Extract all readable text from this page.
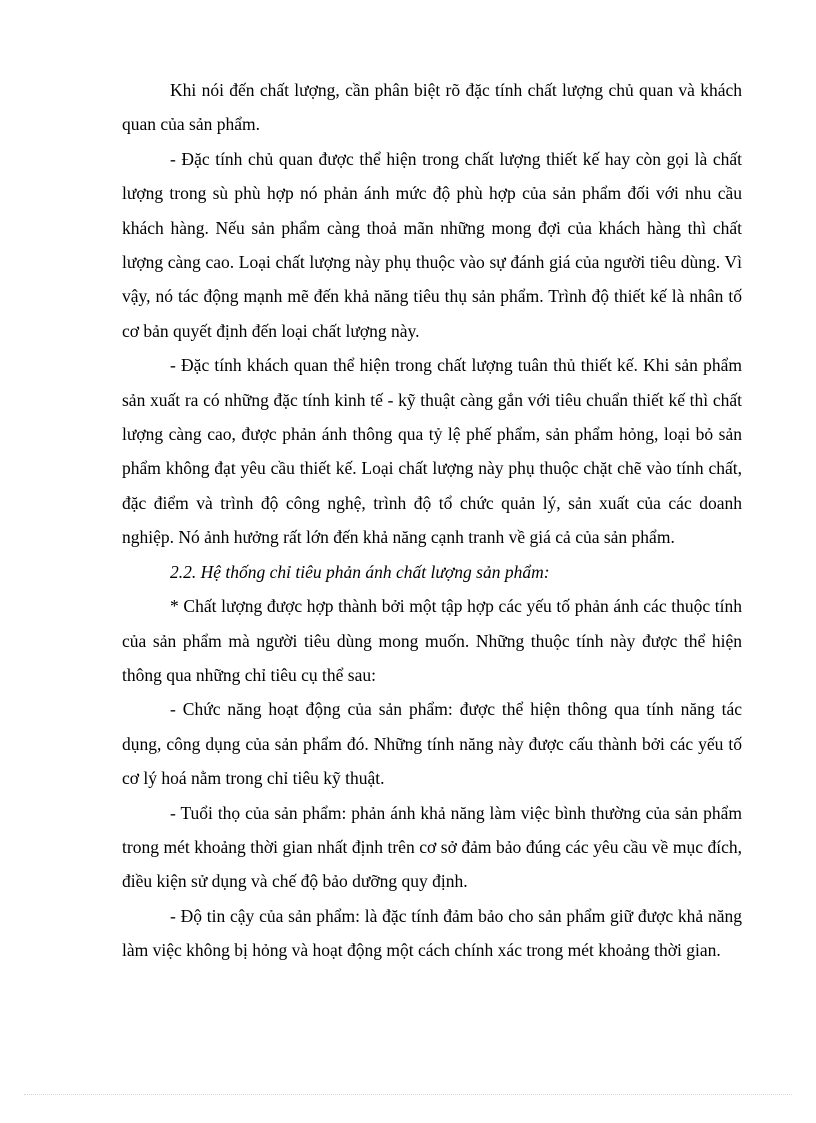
Khi nói đến chất lượng, cần phân biệt rõ đặc tính chất lượng chủ quan và khách quan của sản phẩm.

- Đặc tính chủ quan được thể hiện trong chất lượng thiết kế hay còn gọi là chất lượng trong sù phù hợp nó phản ánh mức độ phù hợp của sản phẩm đối với nhu cầu khách hàng. Nếu sản phẩm càng thoả mãn những mong đợi của khách hàng thì chất lượng càng cao. Loại chất lượng này phụ thuộc vào sự đánh giá của người tiêu dùng. Vì vậy, nó tác động mạnh mẽ đến khả năng tiêu thụ sản phẩm. Trình độ thiết kế là nhân tố cơ bản quyết định đến loại chất lượng này.

- Đặc tính khách quan thể hiện trong chất lượng tuân thủ thiết kế. Khi sản phẩm sản xuất ra có những đặc tính kinh tế - kỹ thuật càng gắn với tiêu chuẩn thiết kế thì chất lượng càng cao, được phản ánh thông qua tỷ lệ phế phẩm, sản phẩm hỏng, loại bỏ sản phẩm không đạt yêu cầu thiết kế. Loại chất lượng này phụ thuộc chặt chẽ vào tính chất, đặc điểm và trình độ công nghệ, trình độ tổ chức quản lý, sản xuất của các doanh nghiệp. Nó ảnh hưởng rất lớn đến khả năng cạnh tranh về giá cả của sản phẩm.

2.2. Hệ thống chỉ tiêu phản ánh chất lượng sản phẩm:

* Chất lượng được hợp thành bởi một tập hợp các yếu tố phản ánh các thuộc tính của sản phẩm mà người tiêu dùng mong muốn. Những thuộc tính này được thể hiện thông qua những chỉ tiêu cụ thể sau:

- Chức năng hoạt động của sản phẩm: được thể hiện thông qua tính năng tác dụng, công dụng của sản phẩm đó. Những tính năng này được cấu thành bởi các yếu tố cơ lý hoá nằm trong chỉ tiêu kỹ thuật.

- Tuổi thọ của sản phẩm: phản ánh khả năng làm việc bình thường của sản phẩm trong mét khoảng thời gian nhất định trên cơ sở đảm bảo đúng các yêu cầu về mục đích, điều kiện sử dụng và chế độ bảo dưỡng quy định.

- Độ tin cậy của sản phẩm: là đặc tính đảm bảo cho sản phẩm giữ được khả năng làm việc không bị hỏng và hoạt động một cách chính xác trong mét khoảng thời gian.
